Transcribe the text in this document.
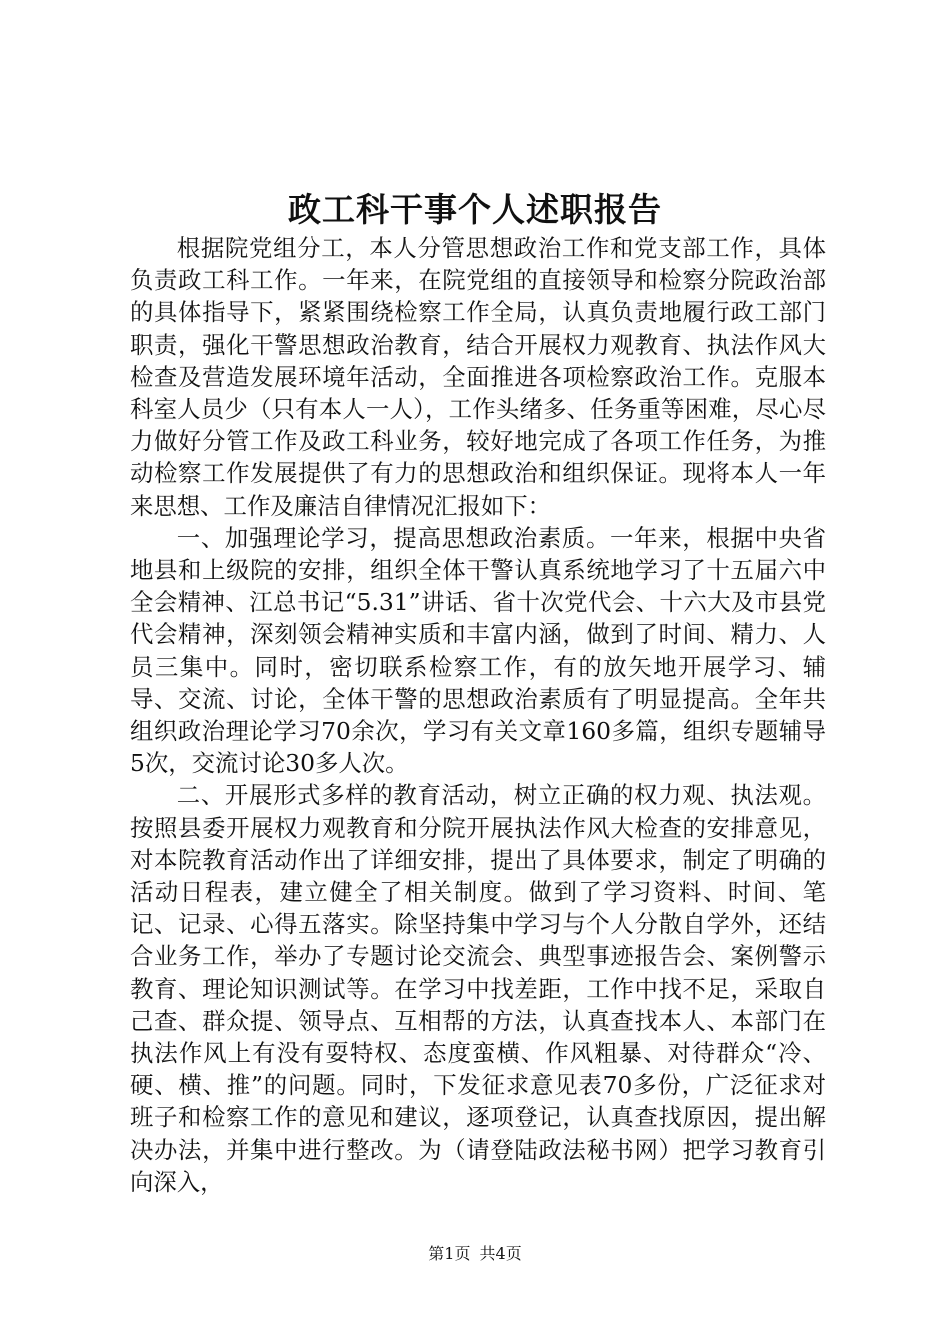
政工科干事个人述职报告

根据院党组分工，本人分管思想政治工作和党支部工作，具体负责政工科工作。一年来，在院党组的直接领导和检察分院政治部的具体指导下，紧紧围绕检察工作全局，认真负责地履行政工部门职责，强化干警思想政治教育，结合开展权力观教育、执法作风大检查及营造发展环境年活动，全面推进各项检察政治工作。克服本科室人员少（只有本人一人），工作头绪多、任务重等困难，尽心尽力做好分管工作及政工科业务，较好地完成了各项工作任务，为推动检察工作发展提供了有力的思想政治和组织保证。现将本人一年来思想、工作及廉洁自律情况汇报如下：

一、加强理论学习，提高思想政治素质。一年来，根据中央省地县和上级院的安排，组织全体干警认真系统地学习了十五届六中全会精神、江总书记“5.31”讲话、省十次党代会、十六大及市县党代会精神，深刻领会精神实质和丰富内涵，做到了时间、精力、人员三集中。同时，密切联系检察工作，有的放矢地开展学习、辅导、交流、讨论，全体干警的思想政治素质有了明显提高。全年共组织政治理论学习70余次，学习有关文章160多篇，组织专题辅导5次，交流讨论30多人次。

二、开展形式多样的教育活动，树立正确的权力观、执法观。按照县委开展权力观教育和分院开展执法作风大检查的安排意见，对本院教育活动作出了详细安排，提出了具体要求，制定了明确的活动日程表，建立健全了相关制度。做到了学习资料、时间、笔记、记录、心得五落实。除坚持集中学习与个人分散自学外，还结合业务工作，举办了专题讨论交流会、典型事迹报告会、案例警示教育、理论知识测试等。在学习中找差距，工作中找不足，采取自己查、群众提、领导点、互相帮的方法，认真查找本人、本部门在执法作风上有没有耍特权、态度蛮横、作风粗暴、对待群众“冷、硬、横、推”的问题。同时，下发征求意见表70多份，广泛征求对班子和检察工作的意见和建议，逐项登记，认真查找原因，提出解决办法，并集中进行整改。为（请登陆政法秘书网）把学习教育引向深入，

第1页 共4页
